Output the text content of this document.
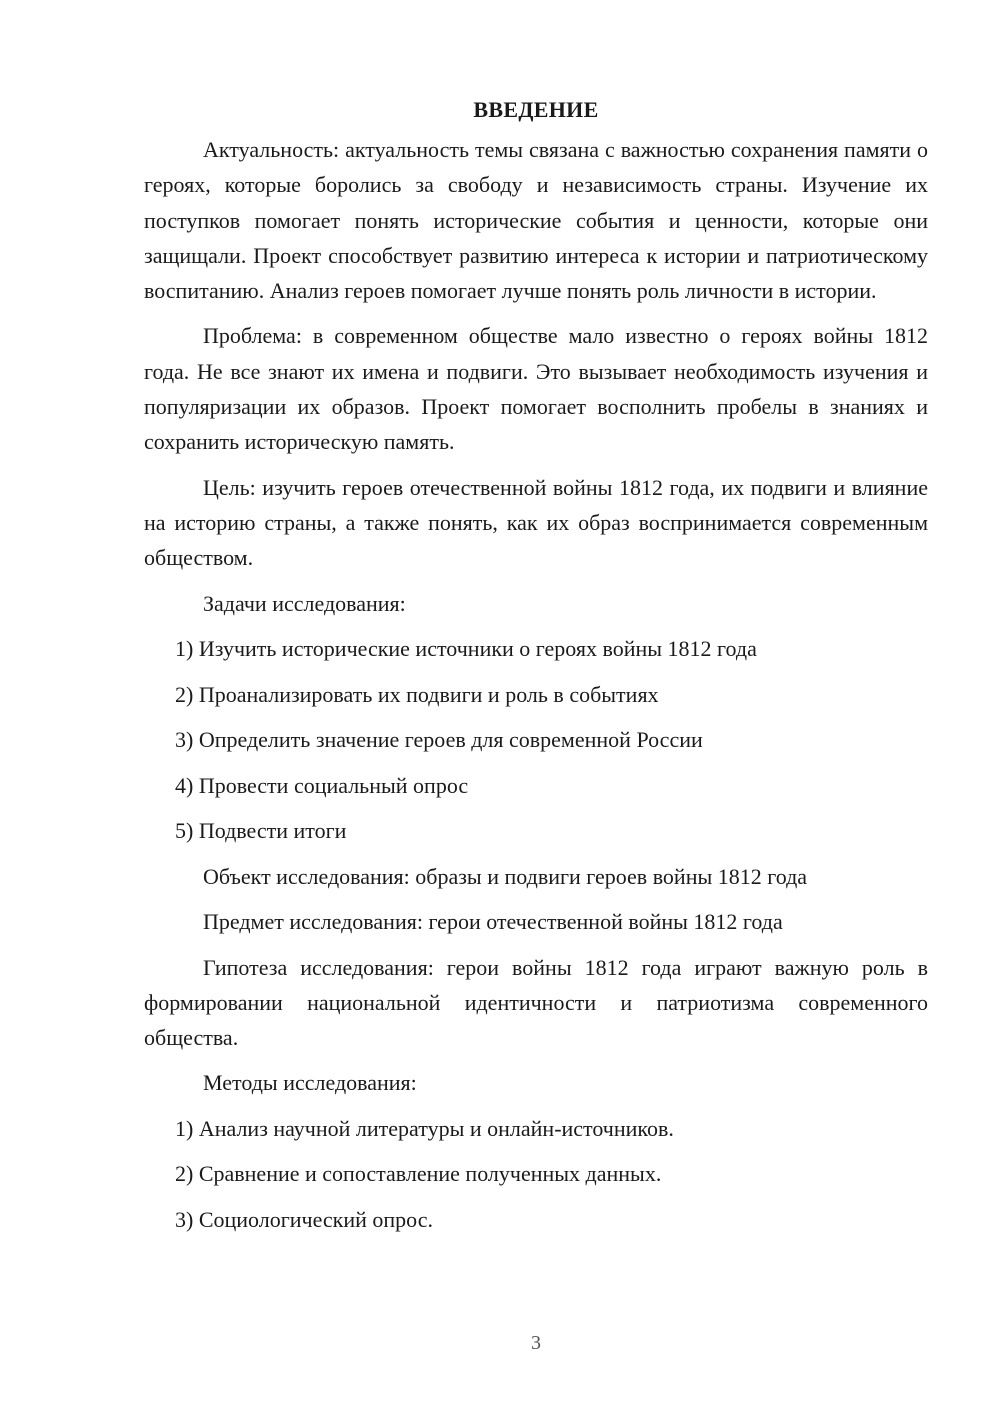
ВВЕДЕНИЕ

Актуальность: актуальность темы связана с важностью сохранения памяти о героях, которые боролись за свободу и независимость страны. Изучение их поступков помогает понять исторические события и ценности, которые они защищали. Проект способствует развитию интереса к истории и патриотическому воспитанию. Анализ героев помогает лучше понять роль личности в истории.

Проблема: в современном обществе мало известно о героях войны 1812 года. Не все знают их имена и подвиги. Это вызывает необходимость изучения и популяризации их образов. Проект помогает восполнить пробелы в знаниях и сохранить историческую память.

Цель: изучить героев отечественной войны 1812 года, их подвиги и влияние на историю страны, а также понять, как их образ воспринимается современным обществом.

Задачи исследования:
1) Изучить исторические источники о героях войны 1812 года
2) Проанализировать их подвиги и роль в событиях
3) Определить значение героев для современной России
4) Провести социальный опрос
5) Подвести итоги
Объект исследования: образы и подвиги героев войны 1812 года
Предмет исследования: герои отечественной войны 1812 года

Гипотеза исследования: герои войны 1812 года играют важную роль в формировании национальной идентичности и патриотизма современного общества.

Методы исследования:
1) Анализ научной литературы и онлайн-источников.
2) Сравнение и сопоставление полученных данных.
3) Социологический опрос.
3
